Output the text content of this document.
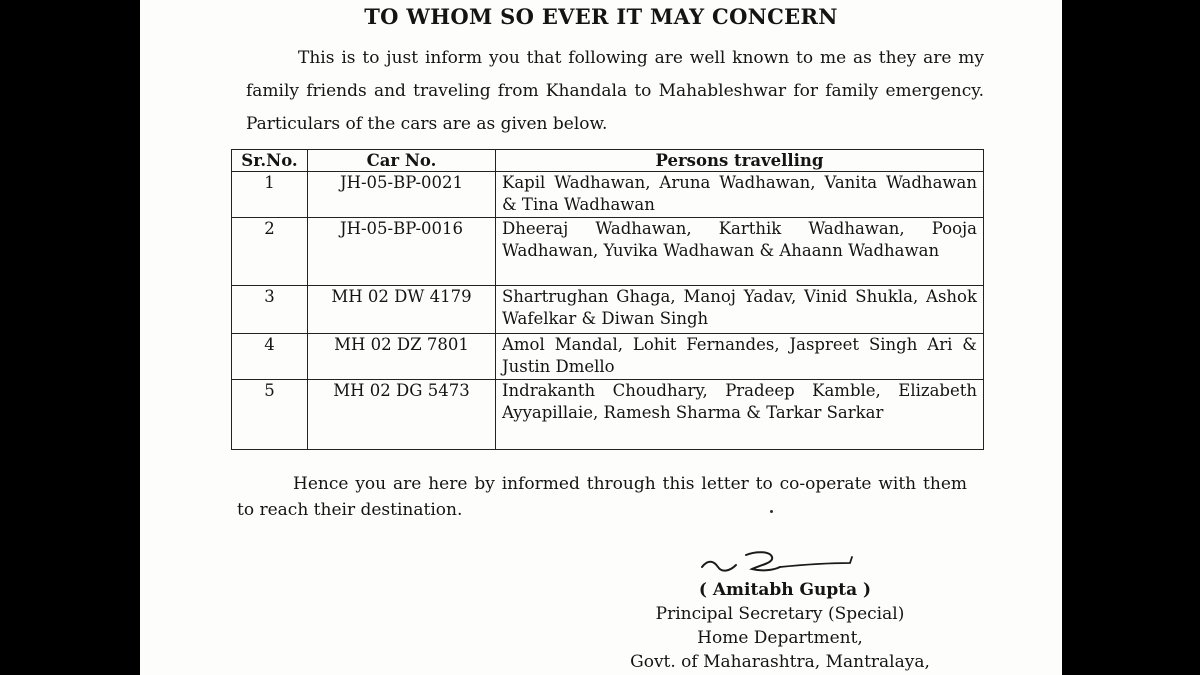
TO WHOM SO EVER IT MAY CONCERN
This is to just inform you that following are well known to me as they are my family friends and traveling from Khandala to Mahableshwar for family emergency. Particulars of the cars are as given below.
Sr.No.	Car No.	Persons travelling
1	JH-05-BP-0021	Kapil Wadhawan, Aruna Wadhawan, Vanita Wadhawan & Tina Wadhawan
2	JH-05-BP-0016	Dheeraj Wadhawan, Karthik Wadhawan, Pooja Wadhawan, Yuvika Wadhawan & Ahaann Wadhawan
3	MH 02 DW 4179	Shartrughan Ghaga, Manoj Yadav, Vinid Shukla, Ashok Wafelkar & Diwan Singh
4	MH 02 DZ 7801	Amol Mandal, Lohit Fernandes, Jaspreet Singh Ari & Justin Dmello
5	MH 02 DG 5473	Indrakanth Choudhary, Pradeep Kamble, Elizabeth Ayyapillaie, Ramesh Sharma & Tarkar Sarkar
Hence you are here by informed through this letter to co-operate with them to reach their destination.
( Amitabh Gupta )
Principal Secretary (Special)
Home Department,
Govt. of Maharashtra, Mantralaya,
